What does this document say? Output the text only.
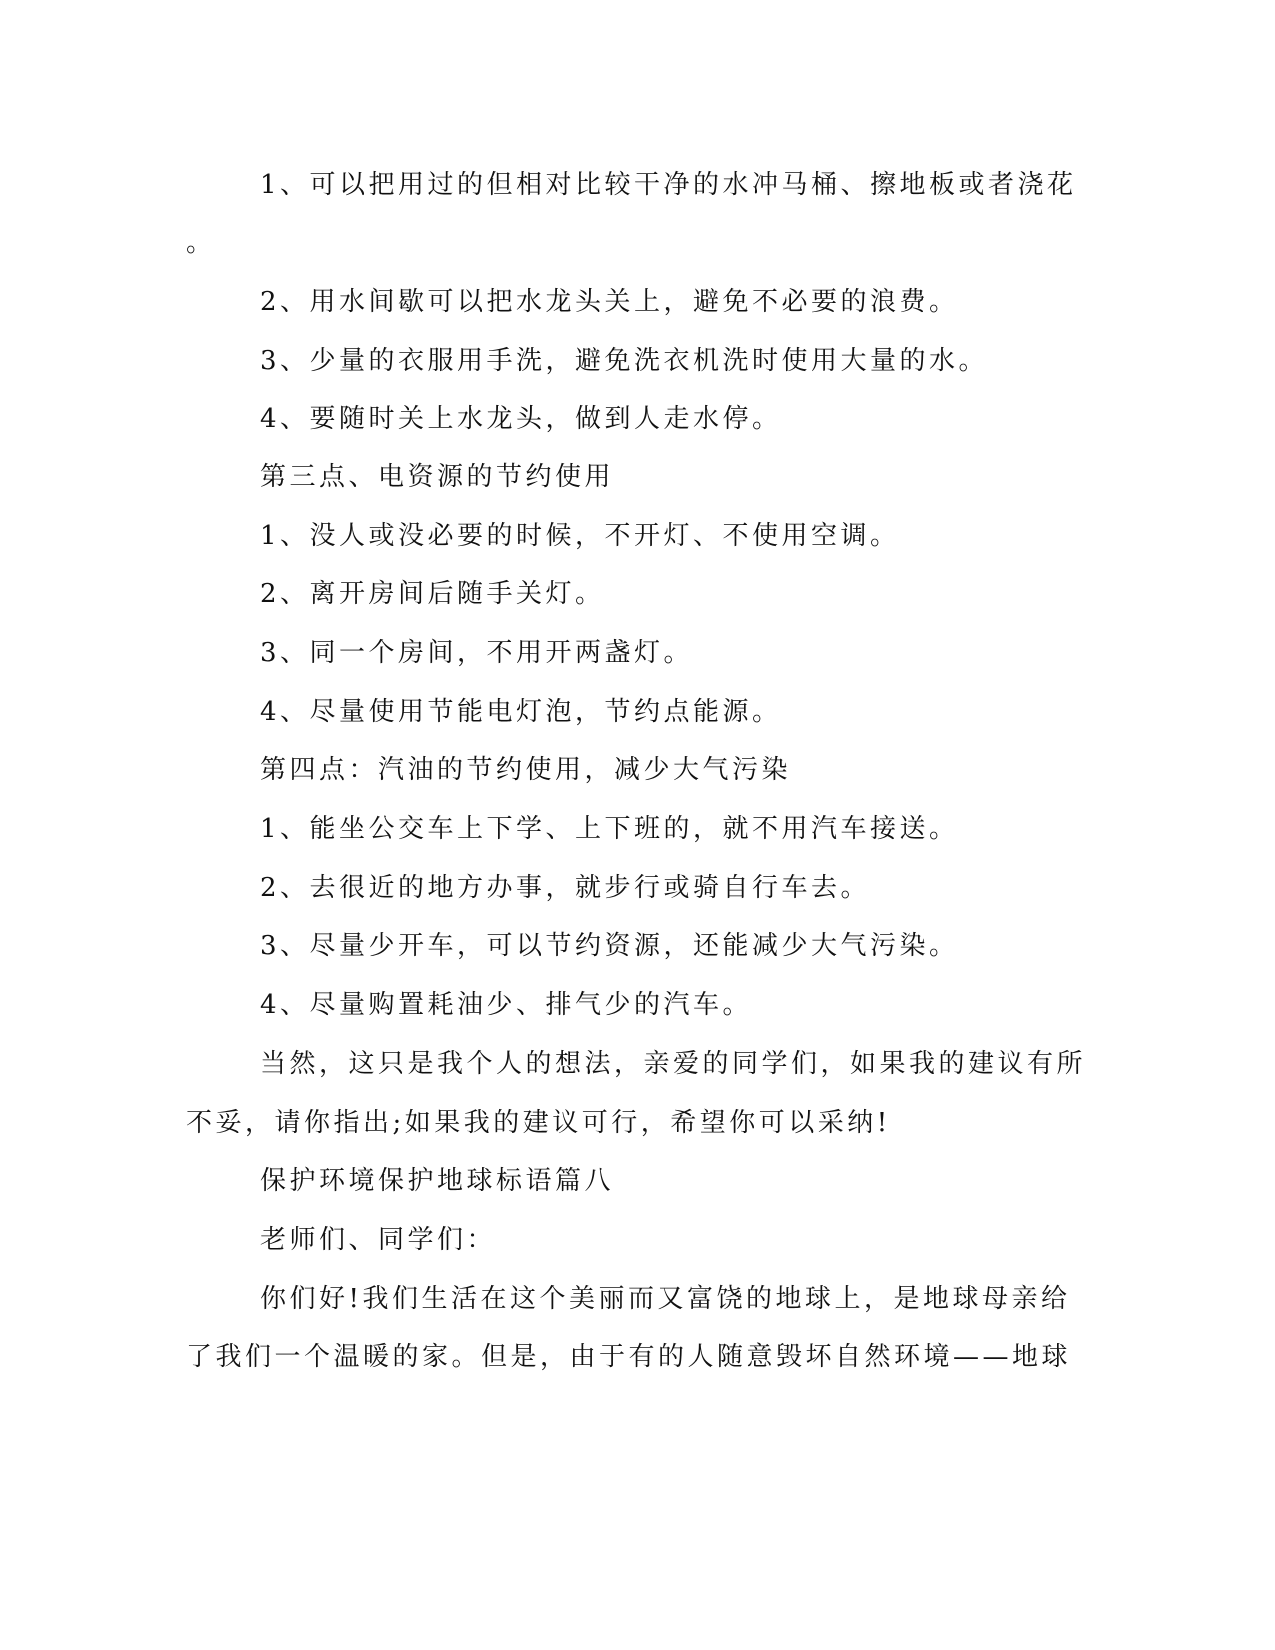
1、可以把用过的但相对比较干净的水冲马桶、擦地板或者浇花
。
2、用水间歇可以把水龙头关上，避免不必要的浪费。
3、少量的衣服用手洗，避免洗衣机洗时使用大量的水。
4、要随时关上水龙头，做到人走水停。
第三点、电资源的节约使用
1、没人或没必要的时候，不开灯、不使用空调。
2、离开房间后随手关灯。
3、同一个房间，不用开两盏灯。
4、尽量使用节能电灯泡，节约点能源。
第四点：汽油的节约使用，减少大气污染
1、能坐公交车上下学、上下班的，就不用汽车接送。
2、去很近的地方办事，就步行或骑自行车去。
3、尽量少开车，可以节约资源，还能减少大气污染。
4、尽量购置耗油少、排气少的汽车。
当然，这只是我个人的想法，亲爱的同学们，如果我的建议有所
不妥，请你指出;如果我的建议可行，希望你可以采纳!
保护环境保护地球标语篇八
老师们、同学们：
你们好!我们生活在这个美丽而又富饶的地球上，是地球母亲给
了我们一个温暖的家。但是，由于有的人随意毁坏自然环境——地球
